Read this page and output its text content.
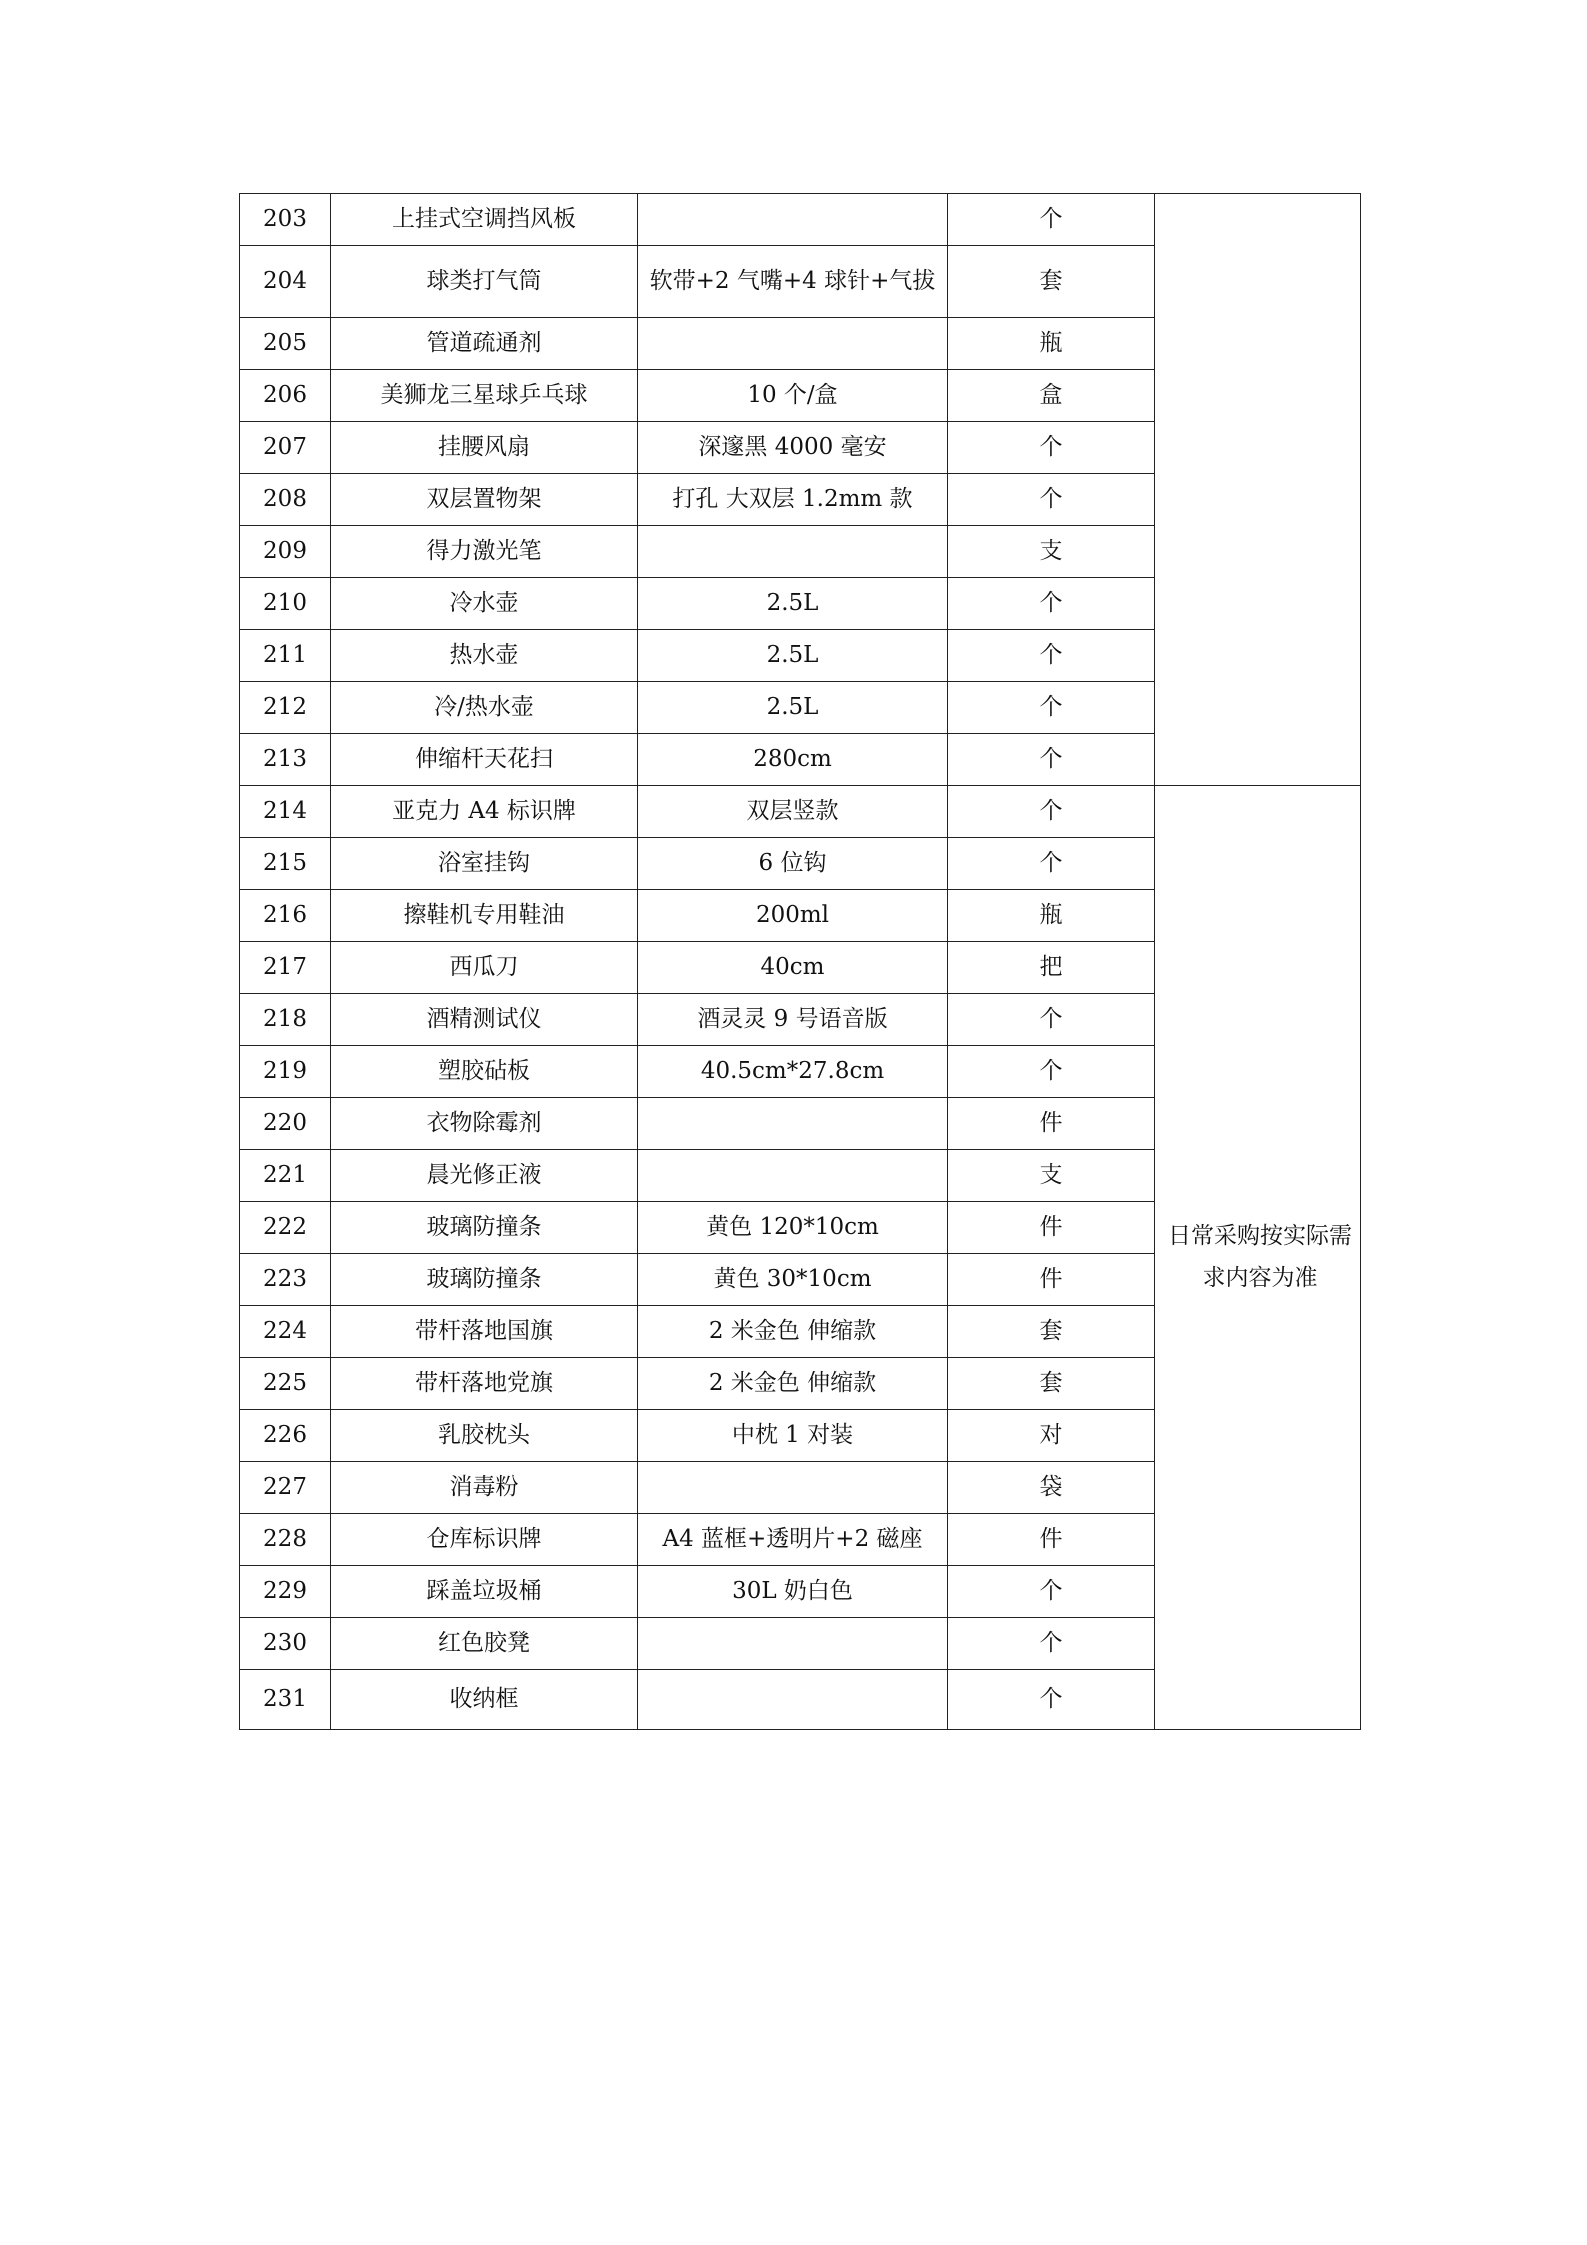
203	上挂式空调挡风板		个	
204	球类打气筒	软带+2 气嘴+4 球针+气拔	套	
205	管道疏通剂		瓶	
206	美狮龙三星球乒乓球	10 个/盒	盒	
207	挂腰风扇	深邃黑 4000 毫安	个	
208	双层置物架	打孔 大双层 1.2mm 款	个	
209	得力激光笔		支	
210	冷水壶	2.5L	个	
211	热水壶	2.5L	个	
212	冷/热水壶	2.5L	个	
213	伸缩杆天花扫	280cm	个	
214	亚克力 A4 标识牌	双层竖款	个	日常采购按实际需求内容为准
215	浴室挂钩	6 位钩	个	
216	擦鞋机专用鞋油	200ml	瓶	
217	西瓜刀	40cm	把	
218	酒精测试仪	酒灵灵 9 号语音版	个	
219	塑胶砧板	40.5cm*27.8cm	个	
220	衣物除霉剂		件	
221	晨光修正液		支	
222	玻璃防撞条	黄色 120*10cm	件	
223	玻璃防撞条	黄色 30*10cm	件	
224	带杆落地国旗	2 米金色 伸缩款	套	
225	带杆落地党旗	2 米金色 伸缩款	套	
226	乳胶枕头	中枕 1 对装	对	
227	消毒粉		袋	
228	仓库标识牌	A4 蓝框+透明片+2 磁座	件	
229	踩盖垃圾桶	30L 奶白色	个	
230	红色胶凳		个	
231	收纳框		个	
